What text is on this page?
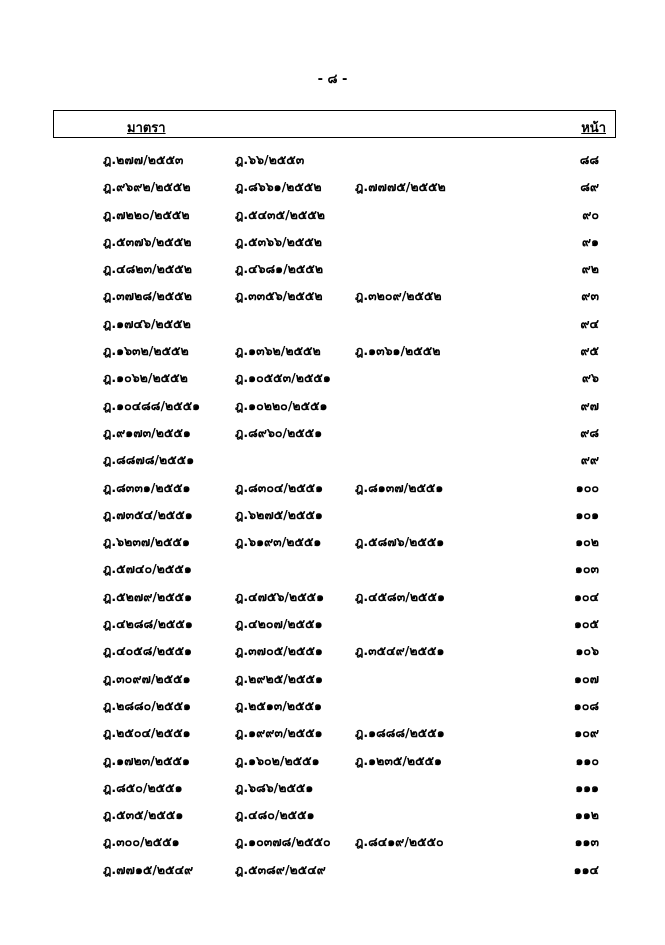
- ๘ -
มาตรา	หน้า
ฎ.๒๗๗/๒๕๕๓	ฎ.๖๖/๒๕๕๓	๘๘
ฎ.๙๖๙๒/๒๕๕๒	ฎ.๘๖๖๑/๒๕๕๒	ฎ.๗๗๗๕/๒๕๕๒	๘๙
ฎ.๗๒๒๐/๒๕๕๒	ฎ.๕๔๓๕/๒๕๕๒	๙๐
ฎ.๕๓๗๖/๒๕๕๒	ฎ.๕๓๖๖/๒๕๕๒	๙๑
ฎ.๔๘๒๓/๒๕๕๒	ฎ.๔๖๘๑/๒๕๕๒	๙๒
ฎ.๓๗๒๘/๒๕๕๒	ฎ.๓๓๕๖/๒๕๕๒	ฎ.๓๒๐๙/๒๕๕๒	๙๓
ฎ.๑๗๔๖/๒๕๕๒	๙๔
ฎ.๑๖๓๒/๒๕๕๒	ฎ.๑๓๖๒/๒๕๕๒	ฎ.๑๓๖๑/๒๕๕๒	๙๕
ฎ.๑๐๖๒/๒๕๕๒	ฎ.๑๐๕๕๓/๒๕๕๑	๙๖
ฎ.๑๐๔๘๘/๒๕๕๑	ฎ.๑๐๒๒๐/๒๕๕๑	๙๗
ฎ.๙๑๗๓/๒๕๕๑	ฎ.๘๙๖๐/๒๕๕๑	๙๘
ฎ.๘๘๗๘/๒๕๕๑	๙๙
ฎ.๘๓๓๑/๒๕๕๑	ฎ.๘๓๐๔/๒๕๕๑	ฎ.๘๑๓๗/๒๕๕๑	๑๐๐
ฎ.๗๓๕๔/๒๕๕๑	ฎ.๖๒๗๕/๒๕๕๑	๑๐๑
ฎ.๖๒๓๗/๒๕๕๑	ฎ.๖๑๙๓/๒๕๕๑	ฎ.๕๘๗๖/๒๕๕๑	๑๐๒
ฎ.๕๗๔๐/๒๕๕๑	๑๐๓
ฎ.๕๒๗๙/๒๕๕๑	ฎ.๔๗๕๖/๒๕๕๑ ฎ.๔๕๘๓/๒๕๕๑	๑๐๔
ฎ.๔๒๘๘/๒๕๕๑	ฎ.๔๒๐๗/๒๕๕๑	๑๐๕
ฎ.๔๐๕๘/๒๕๕๑	ฎ.๓๗๐๕/๒๕๕๑	ฎ.๓๕๔๙/๒๕๕๑	๑๐๖
ฎ.๓๐๙๗/๒๕๕๑	ฎ.๒๙๒๕/๒๕๕๑	๑๐๗
ฎ.๒๘๘๐/๒๕๕๑	ฎ.๒๕๑๓/๒๕๕๑	๑๐๘
ฎ.๒๕๐๔/๒๕๕๑	ฎ.๑๙๙๓/๒๕๕๑	ฎ.๑๘๘๘/๒๕๕๑	๑๐๙
ฎ.๑๗๒๓/๒๕๕๑	ฎ.๑๖๐๒/๒๕๕๑	ฎ.๑๒๓๕/๒๕๕๑	๑๑๐
ฎ.๘๕๐/๒๕๕๑	ฎ.๖๘๖/๒๕๕๑	๑๑๑
ฎ.๕๓๕/๒๕๕๑	ฎ.๔๘๐/๒๕๕๑	๑๑๒
ฎ.๓๐๐/๒๕๕๑	ฎ.๑๐๓๗๘/๒๕๕๐ ฎ.๘๔๑๙/๒๕๕๐	๑๑๓
ฎ.๗๗๑๕/๒๕๔๙	ฎ.๕๓๘๙/๒๕๔๙	๑๑๔
